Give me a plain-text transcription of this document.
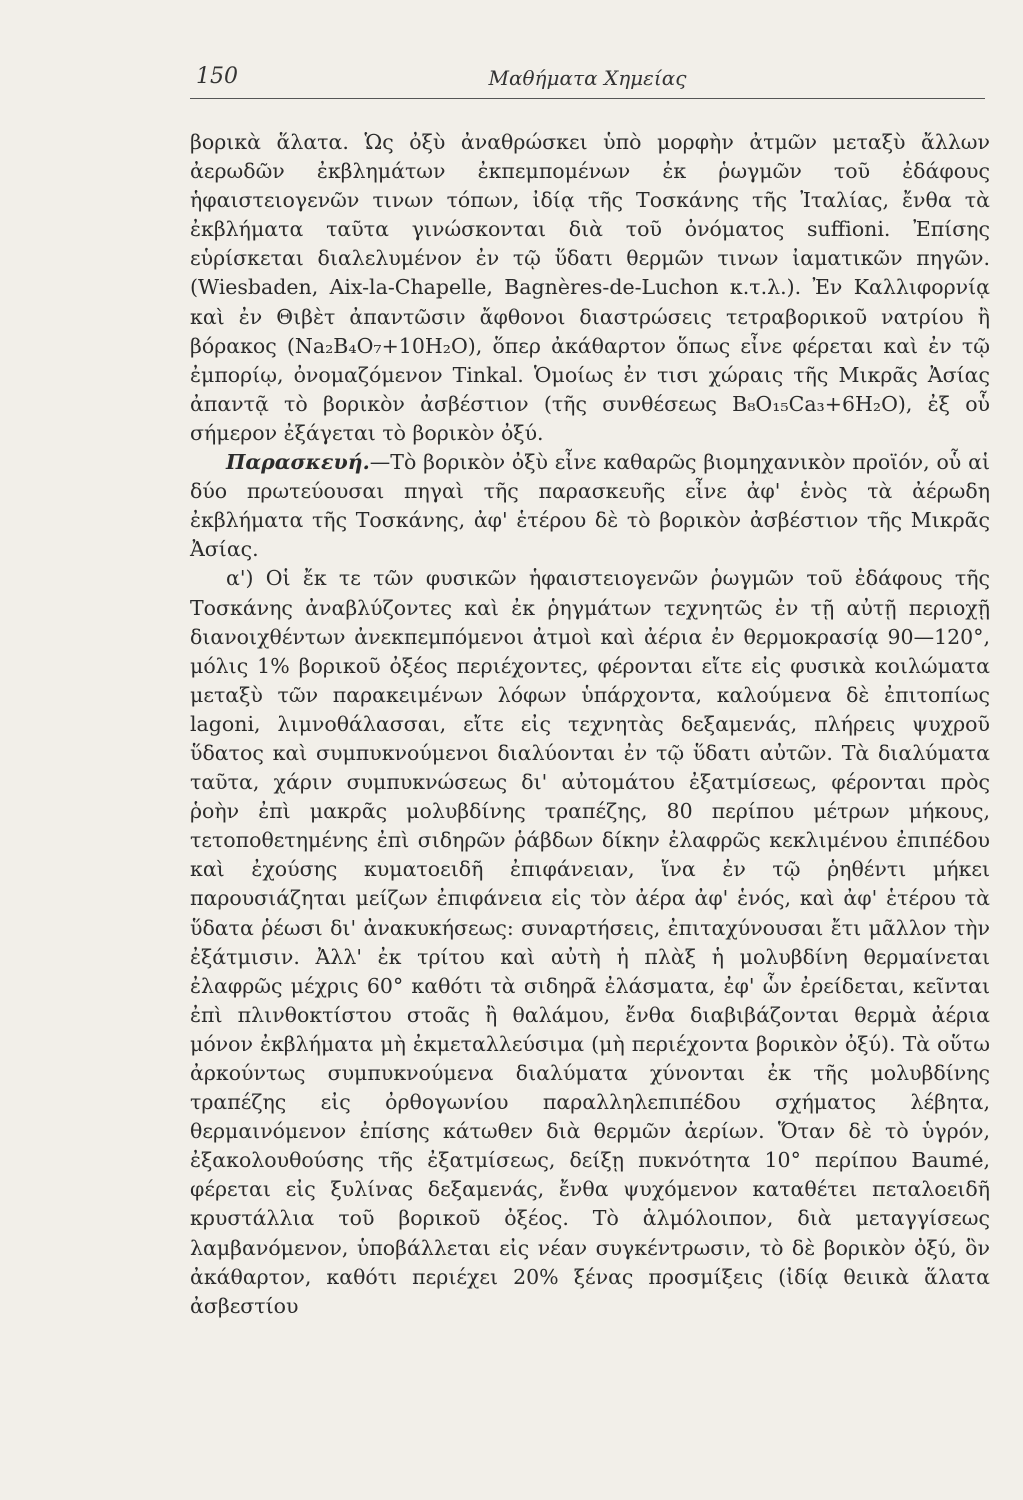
150	Μαθήματα Χημείας

βορικὰ ἅλατα. Ὡς ὀξὺ ἀναθρώσκει ὑπὸ μορφὴν ἀτμῶν μεταξὺ ἄλλων ἀερωδῶν ἐκβλημάτων ἐκπεμπομένων ἐκ ῥωγμῶν τοῦ ἐδάφους ἡφαιστειογενῶν τινων τόπων, ἰδίᾳ τῆς Τοσκάνης τῆς Ἰταλίας, ἔνθα τὰ ἐκβλήματα ταῦτα γινώσκονται διὰ τοῦ ὀνόματος suffioni. Ἐπίσης εὑρίσκεται διαλελυμένον ἐν τῷ ὕδατι θερμῶν τινων ἰαματικῶν πηγῶν. (Wiesbaden, Aix-la-Chapelle, Bagnères-de-Luchon κ.τ.λ.). Ἐν Καλλιφορνίᾳ καὶ ἐν Θιβὲτ ἀπαντῶσιν ἄφθονοι διαστρώσεις τετραβορικοῦ νατρίου ἢ βόρακος (Na₂B₄O₇+10H₂O), ὅπερ ἀκάθαρτον ὅπως εἶνε φέρεται καὶ ἐν τῷ ἐμπορίῳ, ὀνομαζόμενον Tinkal. Ὁμοίως ἐν τισι χώραις τῆς Μικρᾶς Ἀσίας ἀπαντᾷ τὸ βορικὸν ἀσβέστιον (τῆς συνθέσεως B₈O₁₅Ca₃+6H₂O), ἐξ οὗ σήμερον ἐξάγεται τὸ βορικὸν ὀξύ.

Παρασκευή.—Τὸ βορικὸν ὀξὺ εἶνε καθαρῶς βιομηχανικὸν προϊόν, οὗ αἱ δύο πρωτεύουσαι πηγαὶ τῆς παρασκευῆς εἶνε ἀφ' ἑνὸς τὰ ἀέρωδη ἐκβλήματα τῆς Τοσκάνης, ἀφ' ἑτέρου δὲ τὸ βορικὸν ἀσβέστιον τῆς Μικρᾶς Ἀσίας.

α') Οἱ ἔκ τε τῶν φυσικῶν ἡφαιστειογενῶν ῥωγμῶν τοῦ ἐδάφους τῆς Τοσκάνης ἀναβλύζοντες καὶ ἐκ ῥηγμάτων τεχνητῶς ἐν τῇ αὐτῇ περιοχῇ διανοιχθέντων ἀνεκπεμπόμενοι ἀτμοὶ καὶ ἀέρια ἐν θερμοκρασίᾳ 90—120°, μόλις 1% βορικοῦ ὀξέος περιέχοντες, φέρονται εἴτε εἰς φυσικὰ κοιλώματα μεταξὺ τῶν παρακειμένων λόφων ὑπάρχοντα, καλούμενα δὲ ἐπιτοπίως lagoni, λιμνοθάλασσαι, εἴτε εἰς τεχνητὰς δεξαμενάς, πλήρεις ψυχροῦ ὕδατος καὶ συμπυκνούμενοι διαλύονται ἐν τῷ ὕδατι αὐτῶν. Τὰ διαλύματα ταῦτα, χάριν συμπυκνώσεως δι' αὐτομάτου ἐξατμίσεως, φέρονται πρὸς ῥοὴν ἐπὶ μακρᾶς μολυβδίνης τραπέζης, 80 περίπου μέτρων μήκους, τετοποθετημένης ἐπὶ σιδηρῶν ῥάβδων δίκην ἐλαφρῶς κεκλιμένου ἐπιπέδου καὶ ἐχούσης κυματοειδῆ ἐπιφάνειαν, ἵνα ἐν τῷ ῥηθέντι μήκει παρουσιάζηται μείζων ἐπιφάνεια εἰς τὸν ἀέρα ἀφ' ἑνός, καὶ ἀφ' ἑτέρου τὰ ὕδατα ῥέωσι δι' ἀνακυκήσεως: συναρτήσεις, ἐπιταχύνουσαι ἔτι μᾶλλον τὴν ἐξάτμισιν. Ἀλλ' ἐκ τρίτου καὶ αὐτὴ ἡ πλὰξ ἡ μολυβδίνη θερμαίνεται ἐλαφρῶς μέχρις 60° καθότι τὰ σιδηρᾶ ἐλάσματα, ἐφ' ὧν ἐρείδεται, κεῖνται ἐπὶ πλινθοκτίστου στοᾶς ἢ θαλάμου, ἔνθα διαβιβάζονται θερμὰ ἀέρια μόνον ἐκβλήματα μὴ ἐκμεταλλεύσιμα (μὴ περιέχοντα βορικὸν ὀξύ). Τὰ οὕτω ἀρκούντως συμπυκνούμενα διαλύματα χύνονται ἐκ τῆς μολυβδίνης τραπέζης εἰς ὀρθογωνίου παραλληλεπιπέδου σχήματος λέβητα, θερμαινόμενον ἐπίσης κάτωθεν διὰ θερμῶν ἀερίων. Ὅταν δὲ τὸ ὑγρόν, ἐξακολουθούσης τῆς ἐξατμίσεως, δείξῃ πυκνότητα 10° περίπου Baumé, φέρεται εἰς ξυλίνας δεξαμενάς, ἔνθα ψυχόμενον καταθέτει πεταλοειδῆ κρυστάλλια τοῦ βορικοῦ ὀξέος. Τὸ ἁλμόλοιπον, διὰ μεταγγίσεως λαμβανόμενον, ὑποβάλλεται εἰς νέαν συγκέντρωσιν, τὸ δὲ βορικὸν ὀξύ, ὃν ἀκάθαρτον, καθότι περιέχει 20% ξένας προσμίξεις (ἰδίᾳ θειικὰ ἅλατα ἀσβεστίου
